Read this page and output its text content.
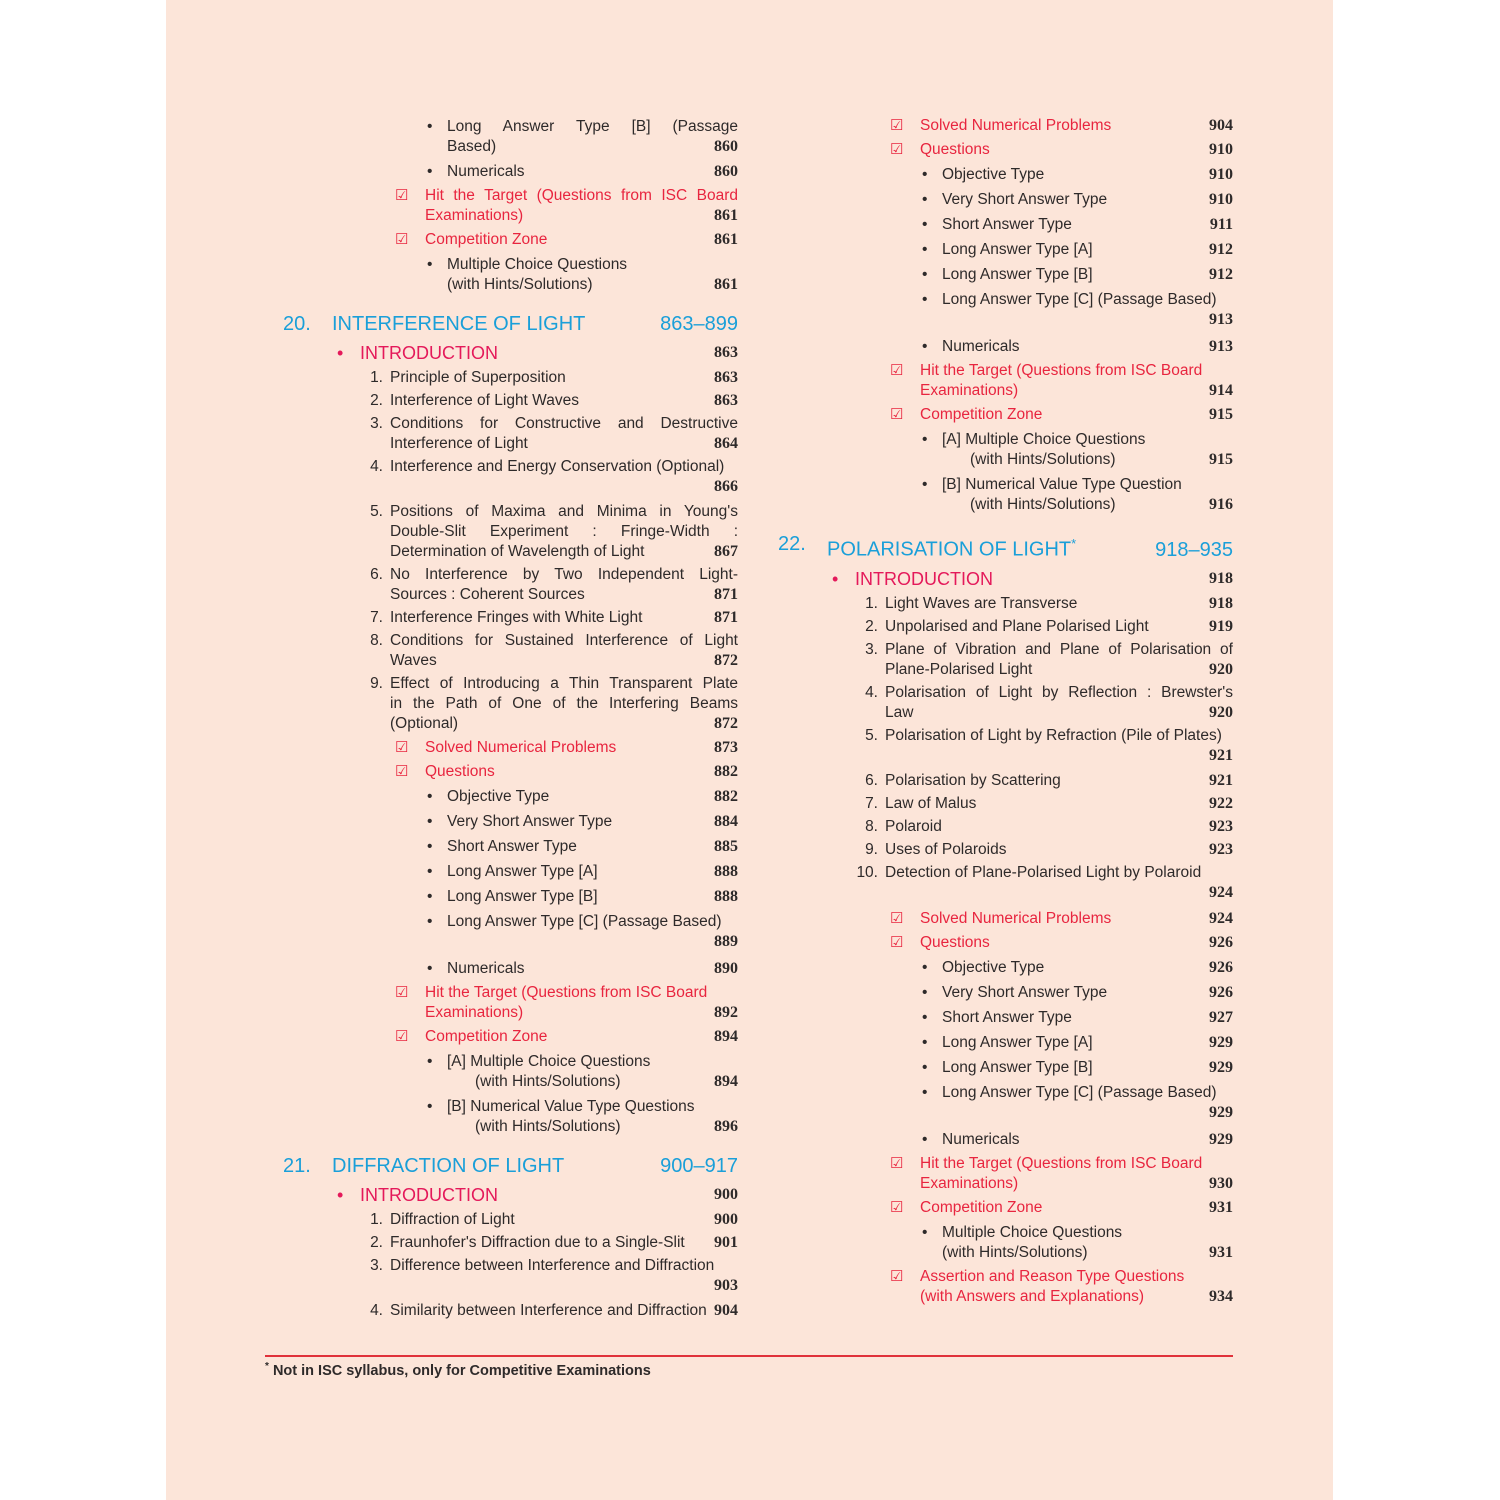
• Long Answer Type [B] (Passage
Based)	860
• Numericals	860
☑ Hit the Target (Questions from ISC Board
Examinations)	861
☑ Competition Zone	861
• Multiple Choice Questions
(with Hints/Solutions)	861
20. INTERFERENCE OF LIGHT	863–899
• INTRODUCTION	863
1. Principle of Superposition	863
2. Interference of Light Waves	863
3. Conditions for Constructive and Destructive
Interference of Light	864
4. Interference and Energy Conservation (Optional)
866
5. Positions of Maxima and Minima in Young's
Double-Slit Experiment : Fringe-Width :
Determination of Wavelength of Light	867
6. No Interference by Two Independent Light-
Sources : Coherent Sources	871
7. Interference Fringes with White Light	871
8. Conditions for Sustained Interference of Light
Waves	872
9. Effect of Introducing a Thin Transparent Plate
in the Path of One of the Interfering Beams
(Optional)	872
☑ Solved Numerical Problems	873
☑ Questions	882
• Objective Type	882
• Very Short Answer Type	884
• Short Answer Type	885
• Long Answer Type [A]	888
• Long Answer Type [B]	888
• Long Answer Type [C] (Passage Based)
889
• Numericals	890
☑ Hit the Target (Questions from ISC Board
Examinations)	892
☑ Competition Zone	894
• [A] Multiple Choice Questions
(with Hints/Solutions)	894
• [B] Numerical Value Type Questions
(with Hints/Solutions)	896
21. DIFFRACTION OF LIGHT	900–917
• INTRODUCTION	900
1. Diffraction of Light	900
2. Fraunhofer's Diffraction due to a Single-Slit	901
3. Difference between Interference and Diffraction
903
4. Similarity between Interference and Diffraction 904
☑ Solved Numerical Problems	904
☑ Questions	910
• Objective Type	910
• Very Short Answer Type	910
• Short Answer Type	911
• Long Answer Type [A]	912
• Long Answer Type [B]	912
• Long Answer Type [C] (Passage Based)
913
• Numericals	913
☑ Hit the Target (Questions from ISC Board
Examinations)	914
☑ Competition Zone	915
• [A] Multiple Choice Questions
(with Hints/Solutions)	915
• [B] Numerical Value Type Question
(with Hints/Solutions)	916
22. POLARISATION OF LIGHT*	918–935
• INTRODUCTION	918
1. Light Waves are Transverse	918
2. Unpolarised and Plane Polarised Light	919
3. Plane of Vibration and Plane of Polarisation of
Plane-Polarised Light	920
4. Polarisation of Light by Reflection : Brewster's
Law	920
5. Polarisation of Light by Refraction (Pile of Plates)
921
6. Polarisation by Scattering	921
7. Law of Malus	922
8. Polaroid	923
9. Uses of Polaroids	923
10. Detection of Plane-Polarised Light by Polaroid
924
☑ Solved Numerical Problems	924
☑ Questions	926
• Objective Type	926
• Very Short Answer Type	926
• Short Answer Type	927
• Long Answer Type [A]	929
• Long Answer Type [B]	929
• Long Answer Type [C] (Passage Based)
929
• Numericals	929
☑ Hit the Target (Questions from ISC Board
Examinations)	930
☑ Competition Zone	931
• Multiple Choice Questions
(with Hints/Solutions)	931
☑ Assertion and Reason Type Questions
(with Answers and Explanations)	934
* Not in ISC syllabus, only for Competitive Examinations
